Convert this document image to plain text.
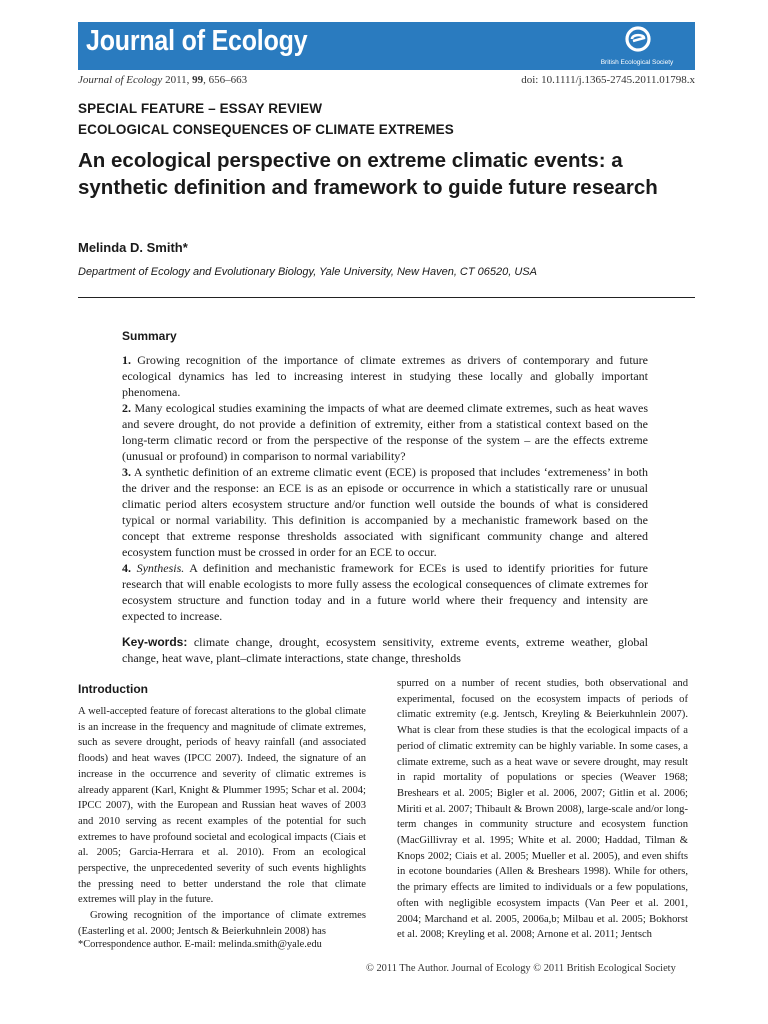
Journal of Ecology
British Ecological Society
Journal of Ecology 2011, 99, 656–663	doi: 10.1111/j.1365-2745.2011.01798.x
SPECIAL FEATURE – ESSAY REVIEW
ECOLOGICAL CONSEQUENCES OF CLIMATE EXTREMES
An ecological perspective on extreme climatic events: a synthetic definition and framework to guide future research
Melinda D. Smith*
Department of Ecology and Evolutionary Biology, Yale University, New Haven, CT 06520, USA
Summary

1. Growing recognition of the importance of climate extremes as drivers of contemporary and future ecological dynamics has led to increasing interest in studying these locally and globally important phenomena.

2. Many ecological studies examining the impacts of what are deemed climate extremes, such as heat waves and severe drought, do not provide a definition of extremity, either from a statistical context based on the long-term climatic record or from the perspective of the response of the system – are the effects extreme (unusual or profound) in comparison to normal variability?

3. A synthetic definition of an extreme climatic event (ECE) is proposed that includes ‘extremeness’ in both the driver and the response: an ECE is as an episode or occurrence in which a statistically rare or unusual climatic period alters ecosystem structure and/or function well outside the bounds of what is considered typical or normal variability. This definition is accompanied by a mechanistic framework based on the concept that extreme response thresholds associated with significant community change and altered ecosystem function must be crossed in order for an ECE to occur.

4. Synthesis. A definition and mechanistic framework for ECEs is used to identify priorities for future research that will enable ecologists to more fully assess the ecological consequences of climate extremes for ecosystem structure and function today and in a future world where their frequency and intensity are expected to increase.

Key-words: climate change, drought, ecosystem sensitivity, extreme events, extreme weather, global change, heat wave, plant–climate interactions, state change, thresholds
Introduction

A well-accepted feature of forecast alterations to the global climate is an increase in the frequency and magnitude of climate extremes, such as severe drought, periods of heavy rainfall (and associated floods) and heat waves (IPCC 2007). Indeed, the signature of an increase in the occurrence and severity of climatic extremes is already apparent (Karl, Knight & Plummer 1995; Schar et al. 2004; IPCC 2007), with the European and Russian heat waves of 2003 and 2010 serving as recent examples of the potential for such extremes to have profound societal and ecological impacts (Ciais et al. 2005; Garcia-Herrara et al. 2010). From an ecological perspective, the unprecedented severity of such events highlights the pressing need to better understand the role that climate extremes will play in the future.

Growing recognition of the importance of climate extremes (Easterling et al. 2000; Jentsch & Beierkuhnlein 2008) has

spurred on a number of recent studies, both observational and experimental, focused on the ecosystem impacts of periods of climatic extremity (e.g. Jentsch, Kreyling & Beierkuhnlein 2007). What is clear from these studies is that the ecological impacts of a period of climatic extremity can be highly variable. In some cases, a climate extreme, such as a heat wave or severe drought, may result in rapid mortality of populations or species (Weaver 1968; Breshears et al. 2005; Bigler et al. 2006, 2007; Gitlin et al. 2006; Miriti et al. 2007; Thibault & Brown 2008), large-scale and/or long-term changes in community structure and ecosystem function (MacGillivray et al. 1995; White et al. 2000; Haddad, Tilman & Knops 2002; Ciais et al. 2005; Mueller et al. 2005), and even shifts in ecotone boundaries (Allen & Breshears 1998). While for others, the primary effects are limited to individuals or a few populations, often with negligible ecosystem impacts (Van Peer et al. 2001, 2004; Marchand et al. 2005, 2006a,b; Milbau et al. 2005; Bokhorst et al. 2008; Kreyling et al. 2008; Arnone et al. 2011; Jentsch

*Correspondence author. E-mail: melinda.smith@yale.edu
© 2011 The Author. Journal of Ecology © 2011 British Ecological Society
